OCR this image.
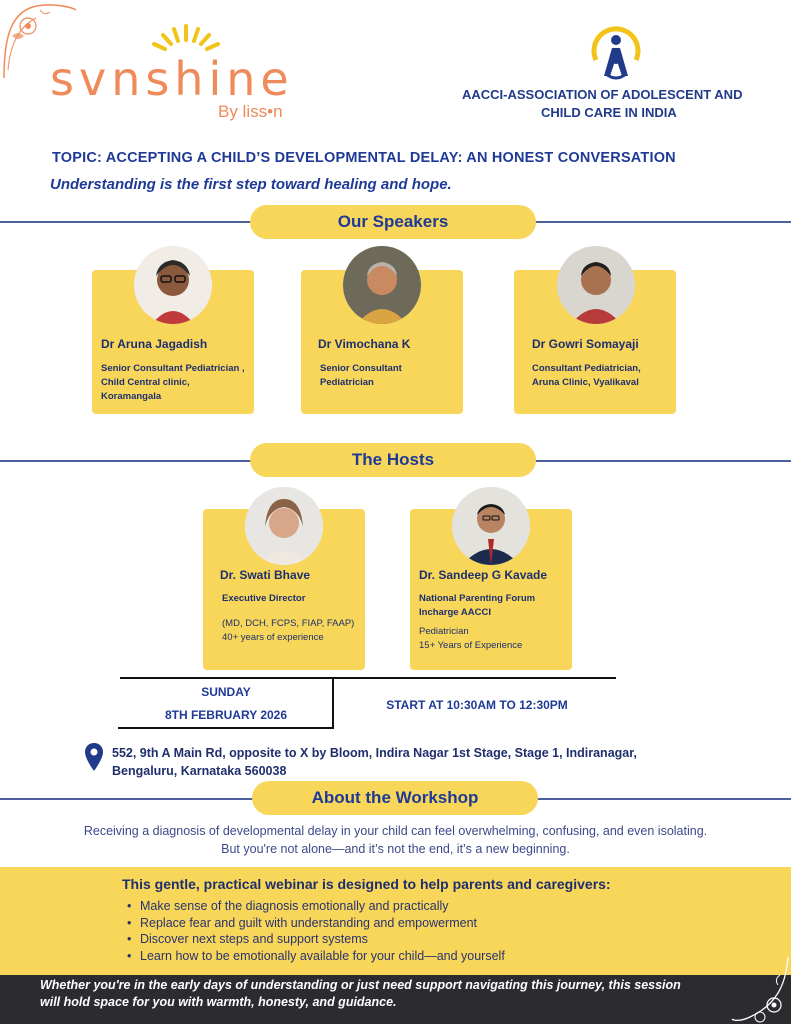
svnshine
By liss•n
AACCI-ASSOCIATION OF ADOLESCENT AND
CHILD CARE IN INDIA
TOPIC: ACCEPTING A CHILD’S DEVELOPMENTAL DELAY: AN HONEST CONVERSATION
Understanding is the first step toward healing and hope.
Our Speakers
Dr Aruna Jagadish
Senior Consultant Pediatrician , Child Central clinic, Koramangala
Dr Vimochana K
Senior Consultant Pediatrician
Dr Gowri Somayaji
Consultant Pediatrician, Aruna Clinic, Vyalikaval
The Hosts
Dr. Swati Bhave
Executive Director
(MD, DCH, FCPS, FIAP, FAAP)
40+ years of experience
Dr. Sandeep G Kavade
National Parenting Forum Incharge AACCI
Pediatrician
15+ Years of Experience
SUNDAY
8TH FEBRUARY 2026
START AT 10:30AM TO 12:30PM
552, 9th A Main Rd, opposite to X by Bloom, Indira Nagar 1st Stage, Stage 1, Indiranagar,
Bengaluru, Karnataka 560038
About the Workshop
Receiving a diagnosis of developmental delay in your child can feel overwhelming, confusing, and even isolating.
But you're not alone—and it’s not the end, it’s a new beginning.
This gentle, practical webinar is designed to help parents and caregivers:
• Make sense of the diagnosis emotionally and practically
• Replace fear and guilt with understanding and empowerment
• Discover next steps and support systems
• Learn how to be emotionally available for your child—and yourself
Whether you're in the early days of understanding or just need support navigating this journey, this session
will hold space for you with warmth, honesty, and guidance.
